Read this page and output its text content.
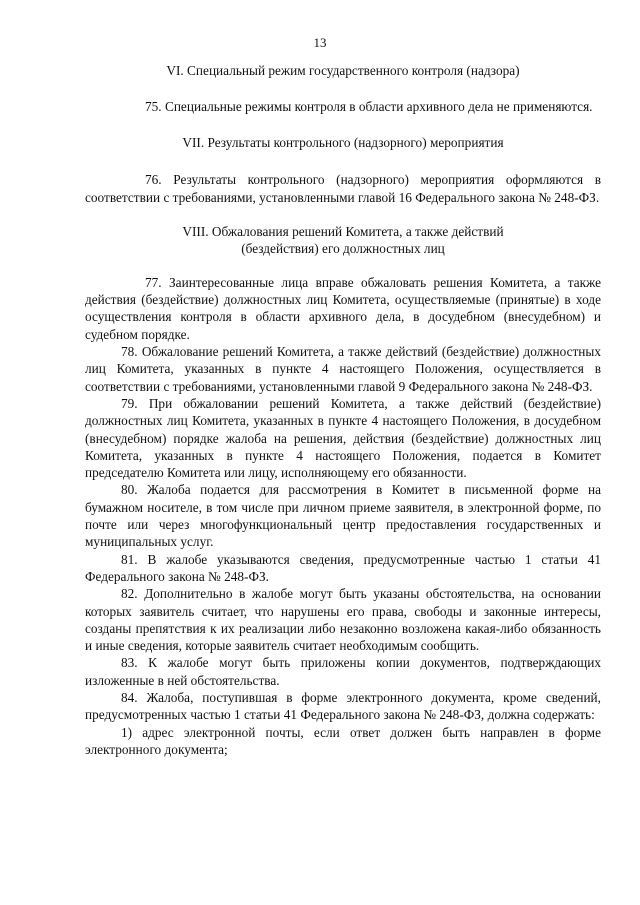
13
VI. Специальный режим государственного контроля (надзора)

75. Специальные режимы контроля в области архивного дела не применяются.

VII. Результаты контрольного (надзорного) мероприятия

76. Результаты контрольного (надзорного) мероприятия оформляются в соответствии с требованиями, установленными главой 16 Федерального закона № 248-ФЗ.

VIII. Обжалования решений Комитета, а также действий
(бездействия) его должностных лиц

77. Заинтересованные лица вправе обжаловать решения Комитета, а также действия (бездействие) должностных лиц Комитета, осуществляемые (принятые) в ходе осуществления контроля в области архивного дела, в досудебном (внесудебном) и судебном порядке.

78. Обжалование решений Комитета, а также действий (бездействие) должностных лиц Комитета, указанных в пункте 4 настоящего Положения, осуществляется в соответствии с требованиями, установленными главой 9 Федерального закона № 248-ФЗ.

79. При обжаловании решений Комитета, а также действий (бездействие) должностных лиц Комитета, указанных в пункте 4 настоящего Положения, в досудебном (внесудебном) порядке жалоба на решения, действия (бездействие) должностных лиц Комитета, указанных в пункте 4 настоящего Положения, подается в Комитет председателю Комитета или лицу, исполняющему его обязанности.

80. Жалоба подается для рассмотрения в Комитет в письменной форме на бумажном носителе, в том числе при личном приеме заявителя, в электронной форме, по почте или через многофункциональный центр предоставления государственных и муниципальных услуг.

81. В жалобе указываются сведения, предусмотренные частью 1 статьи 41 Федерального закона № 248-ФЗ.

82. Дополнительно в жалобе могут быть указаны обстоятельства, на основании которых заявитель считает, что нарушены его права, свободы и законные интересы, созданы препятствия к их реализации либо незаконно возложена какая-либо обязанность и иные сведения, которые заявитель считает необходимым сообщить.

83. К жалобе могут быть приложены копии документов, подтверждающих изложенные в ней обстоятельства.

84. Жалоба, поступившая в форме электронного документа, кроме сведений, предусмотренных частью 1 статьи 41 Федерального закона № 248-ФЗ, должна содержать:

1) адрес электронной почты, если ответ должен быть направлен в форме электронного документа;
